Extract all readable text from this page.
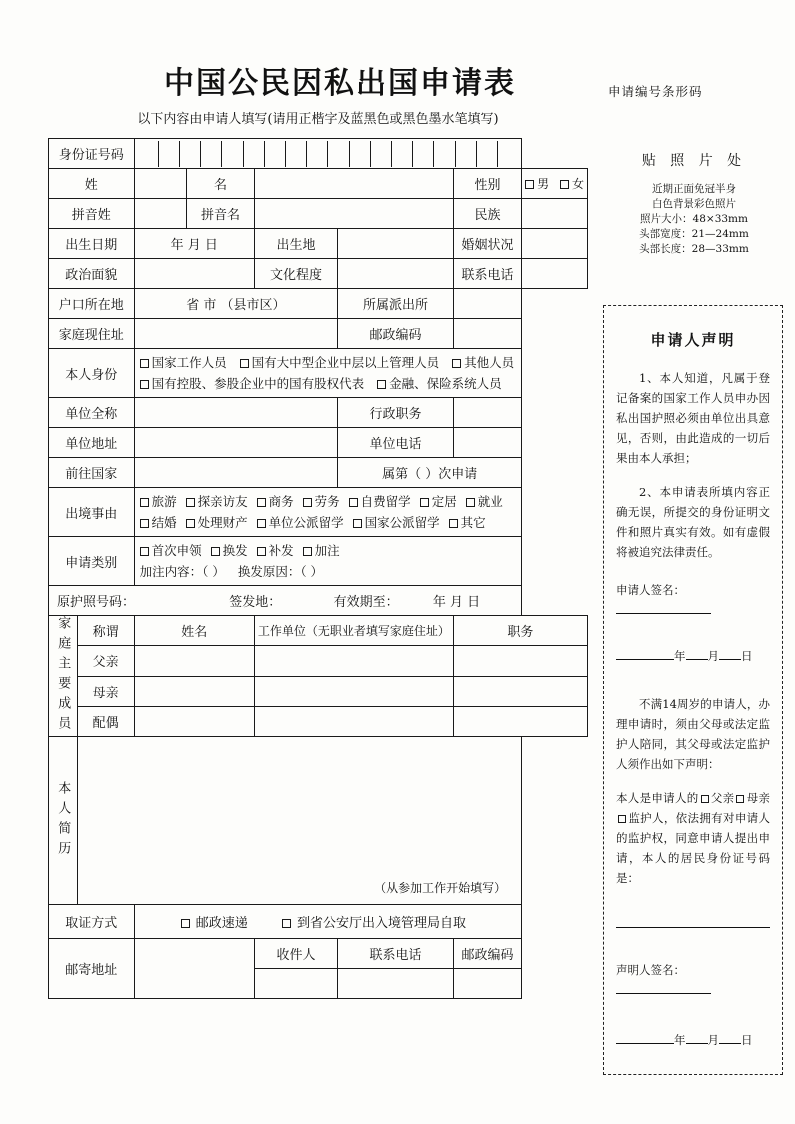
中国公民因私出国申请表	申请编号条形码
以下内容由申请人填写(请用正楷字及蓝黑色或黑色墨水笔填写)
贴 照 片 处
近期正面免冠半身
白色背景彩色照片
照片大小：48×33mm
头部宽度：21—24mm
头部长度：28—33mm
身份证号码							

姓			名			性别	男 女
拼音姓			拼音名			民族	
出生日期		年 月 日		出生地		婚姻状况	
政治面貌				文化程度		联系电话	
户口所在地		省 市 （县市区）			所属派出所		
家庭现住址					邮政编码		
本人身份		国家工作人员 国有大中型企业中层以上管理人员 其他人员
国有控股、参股企业中的国有股权代表 金融、保险系统人员					

单位全称					行政职务		
单位地址					单位电话		
前往国家					属第（ ）次申请		
出境事由		旅游 探亲访友 商务 劳务 自费留学 定居 就业
结婚 处理财产 单位公派留学 国家公派留学 其它					

申请类别		首次申领 换发 补发 加注
加注内容：（ ） 换发原因：（ ）					

原护照号码： 签发地： 有效期至： 年 月 日							

家庭主要成员	称谓	姓名		工作单位（无职业者填写家庭住址）		职务	
	父亲						
	母亲						
	配偶						

本人简历	（从参加工作开始填写）						

取证方式		邮政速递 到省公安厅出入境管理局自取					
邮寄地址				收件人	联系电话	邮政编码	

申请人声明

1、本人知道，凡属于登记备案的国家工作人员申办因私出国护照必须由单位出具意见，否则，由此造成的一切后果由本人承担；

2、本申请表所填内容正确无误，所提交的身份证明文件和照片真实有效。如有虚假将被追究法律责任。

申请人签名：
年 月 日

不满14周岁的申请人，办理申请时，须由父母或法定监护人陪同，其父母或法定监护人须作出如下声明：

本人是申请人的 父亲 母亲监护人，依法拥有对申请人的监护权，同意申请人提出申请，本人的居民身份证号码是：

声明人签名：
年 月 日
